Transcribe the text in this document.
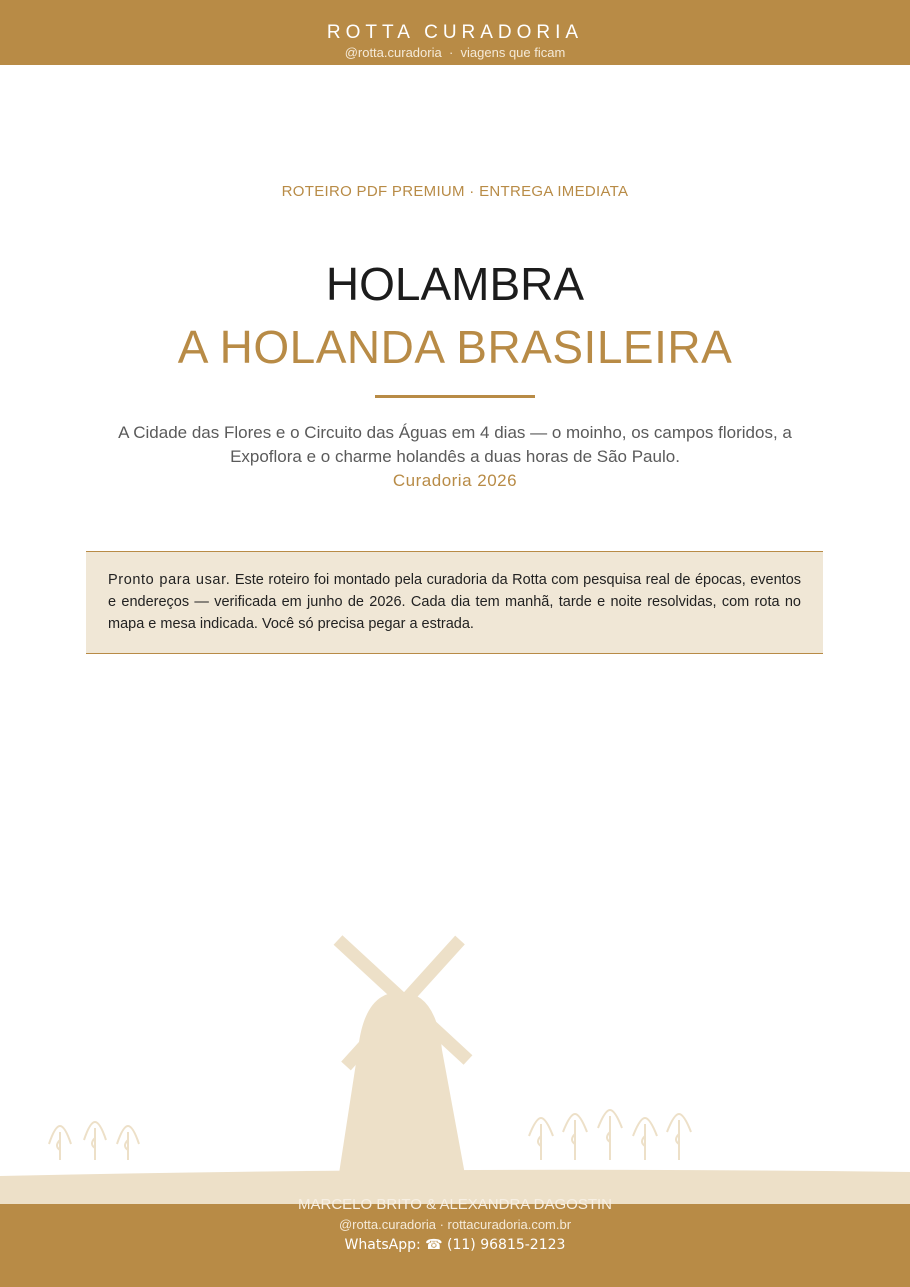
ROTTA CURADORIA
@rotta.curadoria · viagens que ficam
ROTEIRO PDF PREMIUM · ENTREGA IMEDIATA
HOLAMBRA
A HOLANDA BRASILEIRA
A Cidade das Flores e o Circuito das Águas em 4 dias — o moinho, os campos floridos, a Expoflora e o charme holandês a duas horas de São Paulo.
Curadoria 2026

Pronto para usar. Este roteiro foi montado pela curadoria da Rotta com pesquisa real de épocas, eventos e endereços — verificada em junho de 2026. Cada dia tem manhã, tarde e noite resolvidas, com rota no mapa e mesa indicada. Você só precisa pegar a estrada.

MARCELO BRITO & ALEXANDRA DAGOSTIN
@rotta.curadoria · rottacuradoria.com.br
WhatsApp: ☎ (11) 96815-2123
